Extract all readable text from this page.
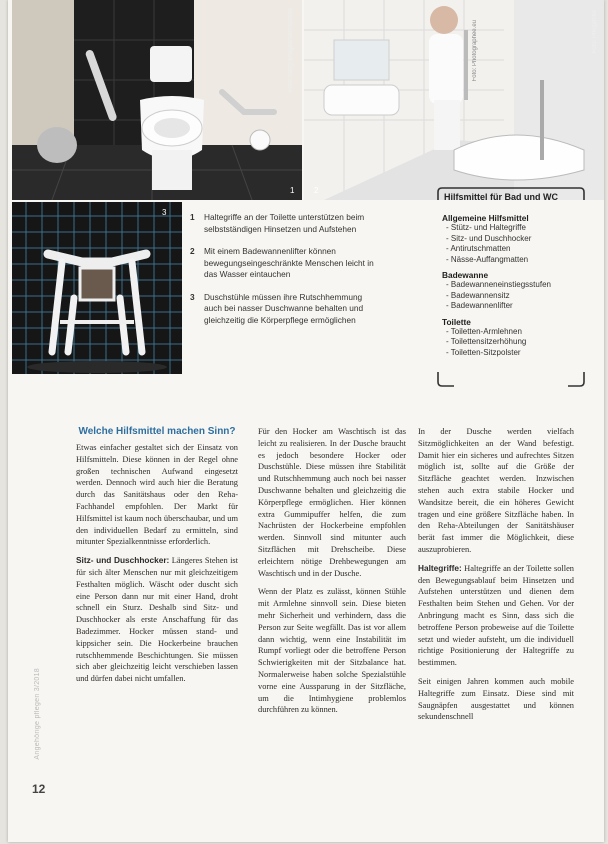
Foto: Getty Images/iStockphoto
1
Foto: Photographee.eu	Foto: Pflegehilfe
2
3	1	Haltegriffe an der Toilette unterstützen beim selbstständigen Hinsetzen und Aufstehen
2	Mit einem Badewannenlifter können bewegungseingeschränkte Menschen leicht in das Wasser eintauchen
3	Duschstühle müssen ihre Rutschhemmung auch bei nasser Duschwanne behalten und gleichzeitig die Körperpflege ermöglichen
Hilfsmittel für Bad und WC
Allgemeine Hilfsmittel
- Stütz- und Haltegriffe
- Sitz- und Duschhocker
- Antirutschmatten
- Nässe-Auffangmatten
Badewanne
- Badewanneneinstiegsstufen
- Badewannensitz
- Badewannenlifter
Toilette
- Toiletten-Armlehnen
- Toilettensitzerhöhung
- Toiletten-Sitzpolster
Welche Hilfsmittel machen Sinn?

Etwas einfacher gestaltet sich der Einsatz von Hilfsmitteln. Diese können in der Regel ohne großen technischen Aufwand eingesetzt werden. Dennoch wird auch hier die Beratung durch das Sanitätshaus oder den Reha-Fachhandel empfohlen. Der Markt für Hilfsmittel ist kaum noch überschaubar, und um den individuellen Bedarf zu ermitteln, sind mitunter Spezialkenntnisse erforderlich.

Sitz- und Duschhocker: Längeres Stehen ist für sich älter Menschen nur mit gleichzeitigem Festhalten möglich. Wäscht oder duscht sich eine Person dann nur mit einer Hand, droht schnell ein Sturz. Deshalb sind Sitz- und Duschhocker als erste Anschaffung für das Badezimmer. Hocker müssen stand- und kippsicher sein. Die Hockerbeine brauchen rutschhemmende Beschichtungen. Sie müssen sich aber gleichzeitig leicht verschieben lassen und dürfen dabei nicht umfallen.

Für den Hocker am Waschtisch ist das leicht zu realisieren. In der Dusche braucht es jedoch besondere Hocker oder Duschstühle. Diese müssen ihre Stabilität und Rutschhemmung auch noch bei nasser Duschwanne behalten und gleichzeitig die Körperpflege ermöglichen. Hier können extra Gummipuffer helfen, die zum Nachrüsten der Hockerbeine empfohlen werden. Sinnvoll sind mitunter auch Sitzflächen mit Drehscheibe. Diese erleichtern nötige Drehbewegungen am Waschtisch und in der Dusche.

Wenn der Platz es zulässt, können Stühle mit Armlehne sinnvoll sein. Diese bieten mehr Sicherheit und verhindern, dass die Person zur Seite wegfällt. Das ist vor allem dann wichtig, wenn eine Instabilität im Rumpf vorliegt oder die betroffene Person Schwierigkeiten mit der Sitzbalance hat. Normalerweise haben solche Spezialstühle vorne eine Aussparung in der Sitzfläche, um die Intimhygiene problemlos durchführen zu können.

In der Dusche werden vielfach Sitzmöglichkeiten an der Wand befestigt. Damit hier ein sicheres und aufrechtes Sitzen möglich ist, sollte auf die Größe der Sitzfläche geachtet werden. Inzwischen stehen auch extra stabile Hocker und Wandsitze bereit, die ein höheres Gewicht tragen und eine größere Sitzfläche haben. In den Reha-Abteilungen der Sanitätshäuser berät fast immer die Möglichkeit, diese auszuprobieren.

Haltegriffe: Haltegriffe an der Toilette sollen den Bewegungsablauf beim Hinsetzen und Aufstehen unterstützen und dienen dem Festhalten beim Stehen und Gehen. Vor der Anbringung macht es Sinn, dass sich die betroffene Person probeweise auf die Toilette setzt und wieder aufsteht, um die individuell richtige Positionierung der Haltegriffe zu bestimmen.

Seit einigen Jahren kommen auch mobile Haltegriffe zum Einsatz. Diese sind mit Saugnäpfen ausgestattet und können sekundenschnell

Angehörige pflegen 3/2018
12
